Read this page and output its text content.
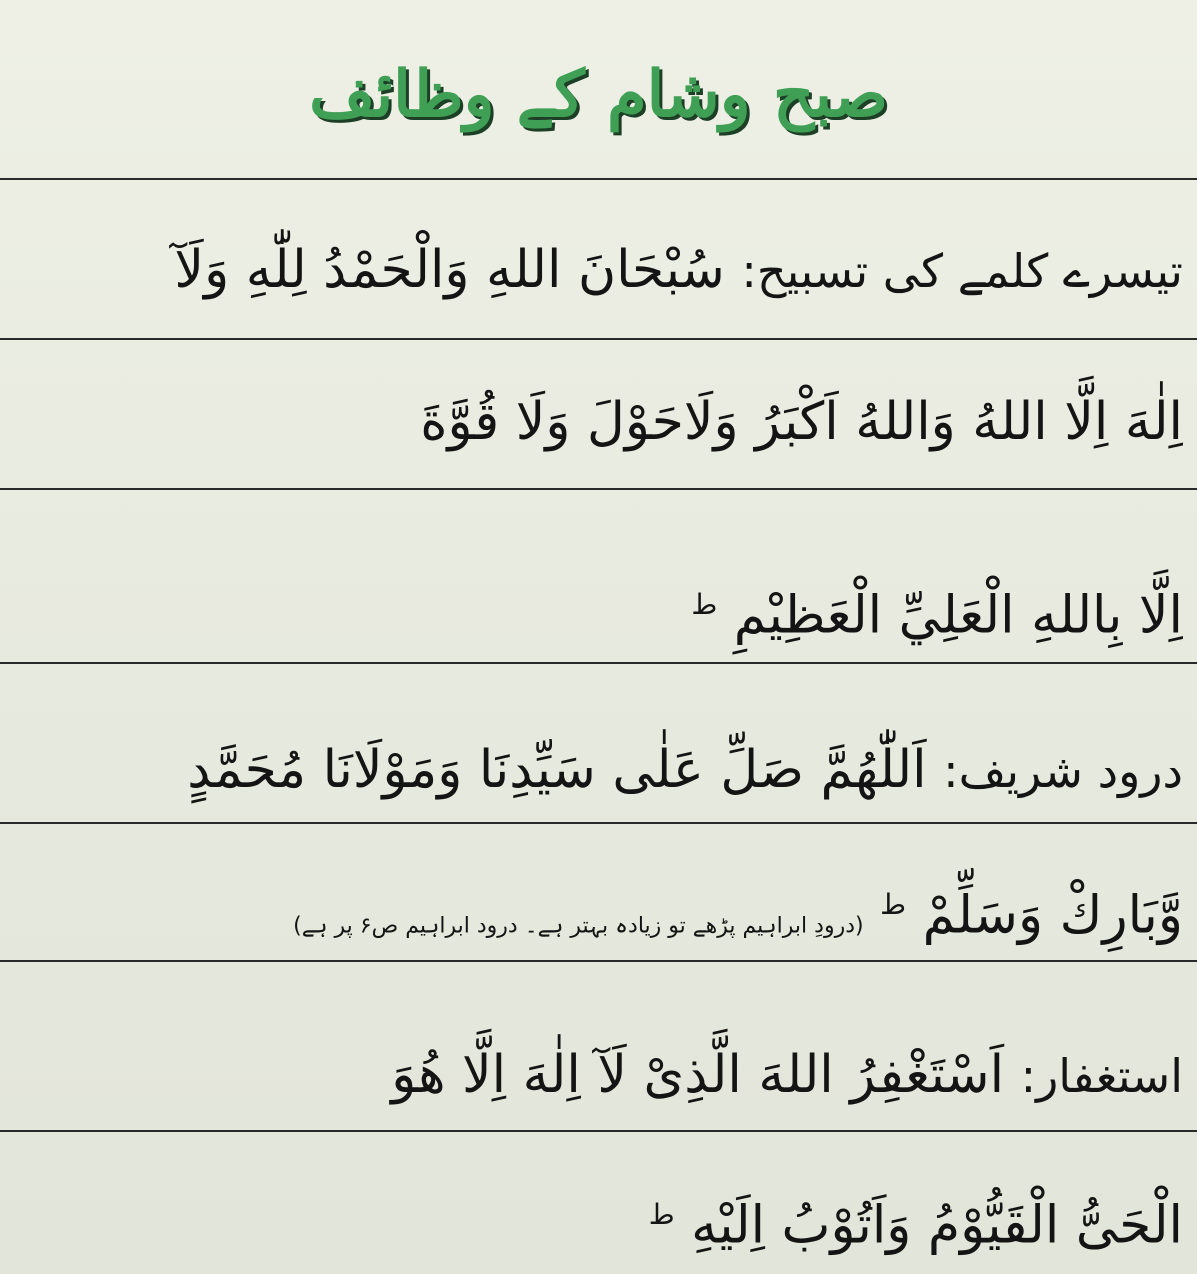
صبح وشام کے وظائف
تیسرے کلمے کی تسبیح: سُبْحَانَ اللهِ وَالْحَمْدُ لِلّٰهِ وَلَآ
اِلٰهَ اِلَّا اللهُ وَاللهُ اَكْبَرُ وَلَاحَوْلَ وَلَا قُوَّةَ
اِلَّا بِاللهِ الْعَلِيِّ الْعَظِيْمِ $^ط$
درود شریف: اَللّٰهُمَّ صَلِّ عَلٰى سَيِّدِنَا وَمَوْلَانَا مُحَمَّدٍ
وَّبَارِكْ وَسَلِّمْ $^ط$ (درودِ ابراہیم پڑھے تو زیادہ بہتر ہے۔ درود ابراہیم ص۶ پر ہے)
استغفار: اَسْتَغْفِرُ اللهَ الَّذِىْ لَآ اِلٰهَ اِلَّا هُوَ
الْحَىُّ الْقَيُّوْمُ وَاَتُوْبُ اِلَيْهِ $^ط$
